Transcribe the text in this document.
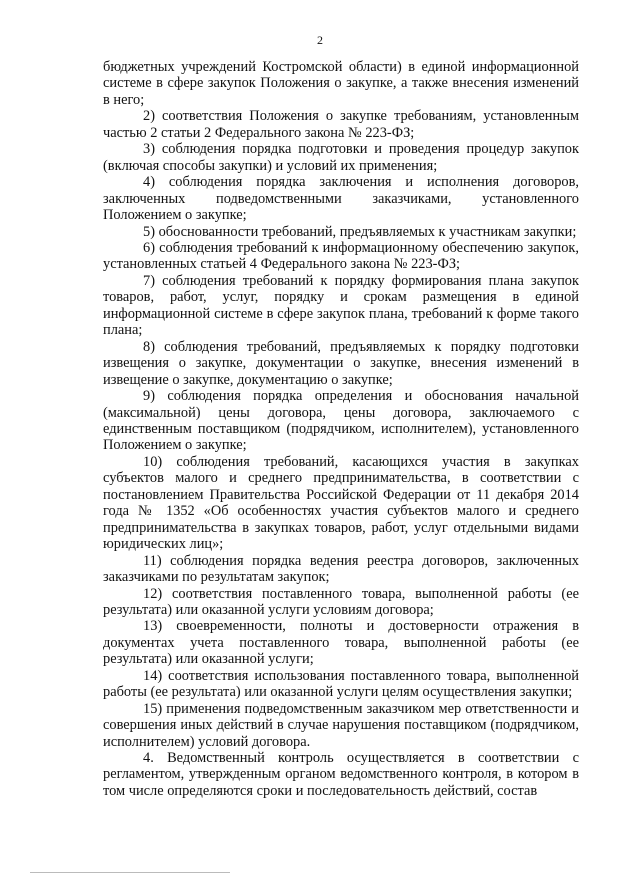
2

бюджетных учреждений Костромской области) в единой информационной системе в сфере закупок Положения о закупке, а также внесения изменений в него;

2) соответствия Положения о закупке требованиям, установленным частью 2 статьи 2 Федерального закона № 223-ФЗ;

3) соблюдения порядка подготовки и проведения процедур закупок (включая способы закупки) и условий их применения;

4) соблюдения порядка заключения и исполнения договоров, заключенных подведомственными заказчиками, установленного Положением о закупке;

5) обоснованности требований, предъявляемых к участникам закупки;

6) соблюдения требований к информационному обеспечению закупок, установленных статьей 4 Федерального закона № 223-ФЗ;

7) соблюдения требований к порядку формирования плана закупок товаров, работ, услуг, порядку и срокам размещения в единой информационной системе в сфере закупок плана, требований к форме такого плана;

8) соблюдения требований, предъявляемых к порядку подготовки извещения о закупке, документации о закупке, внесения изменений в извещение о закупке, документацию о закупке;

9) соблюдения порядка определения и обоснования начальной (максимальной) цены договора, цены договора, заключаемого с единственным поставщиком (подрядчиком, исполнителем), установленного Положением о закупке;

10) соблюдения требований, касающихся участия в закупках субъектов малого и среднего предпринимательства, в соответствии с постановлением Правительства Российской Федерации от 11 декабря 2014 года № 1352 «Об особенностях участия субъектов малого и среднего предпринимательства в закупках товаров, работ, услуг отдельными видами юридических лиц»;

11) соблюдения порядка ведения реестра договоров, заключенных заказчиками по результатам закупок;

12) соответствия поставленного товара, выполненной работы (ее результата) или оказанной услуги условиям договора;

13) своевременности, полноты и достоверности отражения в документах учета поставленного товара, выполненной работы (ее результата) или оказанной услуги;

14) соответствия использования поставленного товара, выполненной работы (ее результата) или оказанной услуги целям осуществления закупки;

15) применения подведомственным заказчиком мер ответственности и совершения иных действий в случае нарушения поставщиком (подрядчиком, исполнителем) условий договора.

4. Ведомственный контроль осуществляется в соответствии с регламентом, утвержденным органом ведомственного контроля, в котором в том числе определяются сроки и последовательность действий, состав
